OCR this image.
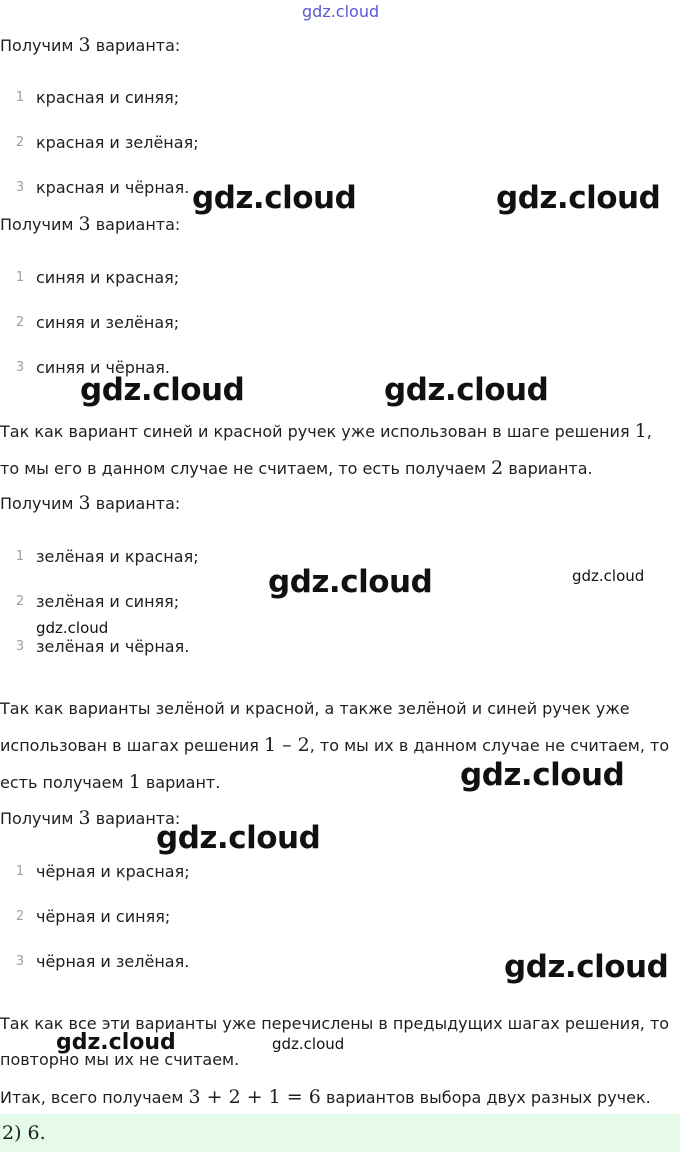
gdz.cloud
Получим 3 варианта:
1 красная и синяя;
2 красная и зелёная;
3 красная и чёрная.
Получим 3 варианта:
1 синяя и красная;
2 синяя и зелёная;
3 синяя и чёрная.
Так как вариант синей и красной ручек уже использован в шаге решения 1, то мы его в данном случае не считаем, то есть получаем 2 варианта.
Получим 3 варианта:
1 зелёная и красная;
2 зелёная и синяя;
3 зелёная и чёрная.
Так как варианты зелёной и красной, а также зелёной и синей ручек уже использован в шагах решения 1 – 2, то мы их в данном случае не считаем, то есть получаем 1 вариант.
Получим 3 варианта:
1 чёрная и красная;
2 чёрная и синяя;
3 чёрная и зелёная.
Так как все эти варианты уже перечислены в предыдущих шагах решения, то повторно мы их не считаем.
Итак, всего получаем 3 + 2 + 1 = 6 вариантов выбора двух разных ручек.
2) 6.
gdz.cloud	gdz.cloud
gdz.cloud	gdz.cloud
gdz.cloud	gdz.cloud
gdz.cloud
gdz.cloud
gdz.cloud
gdz.cloud
gdz.cloud	gdz.cloud
